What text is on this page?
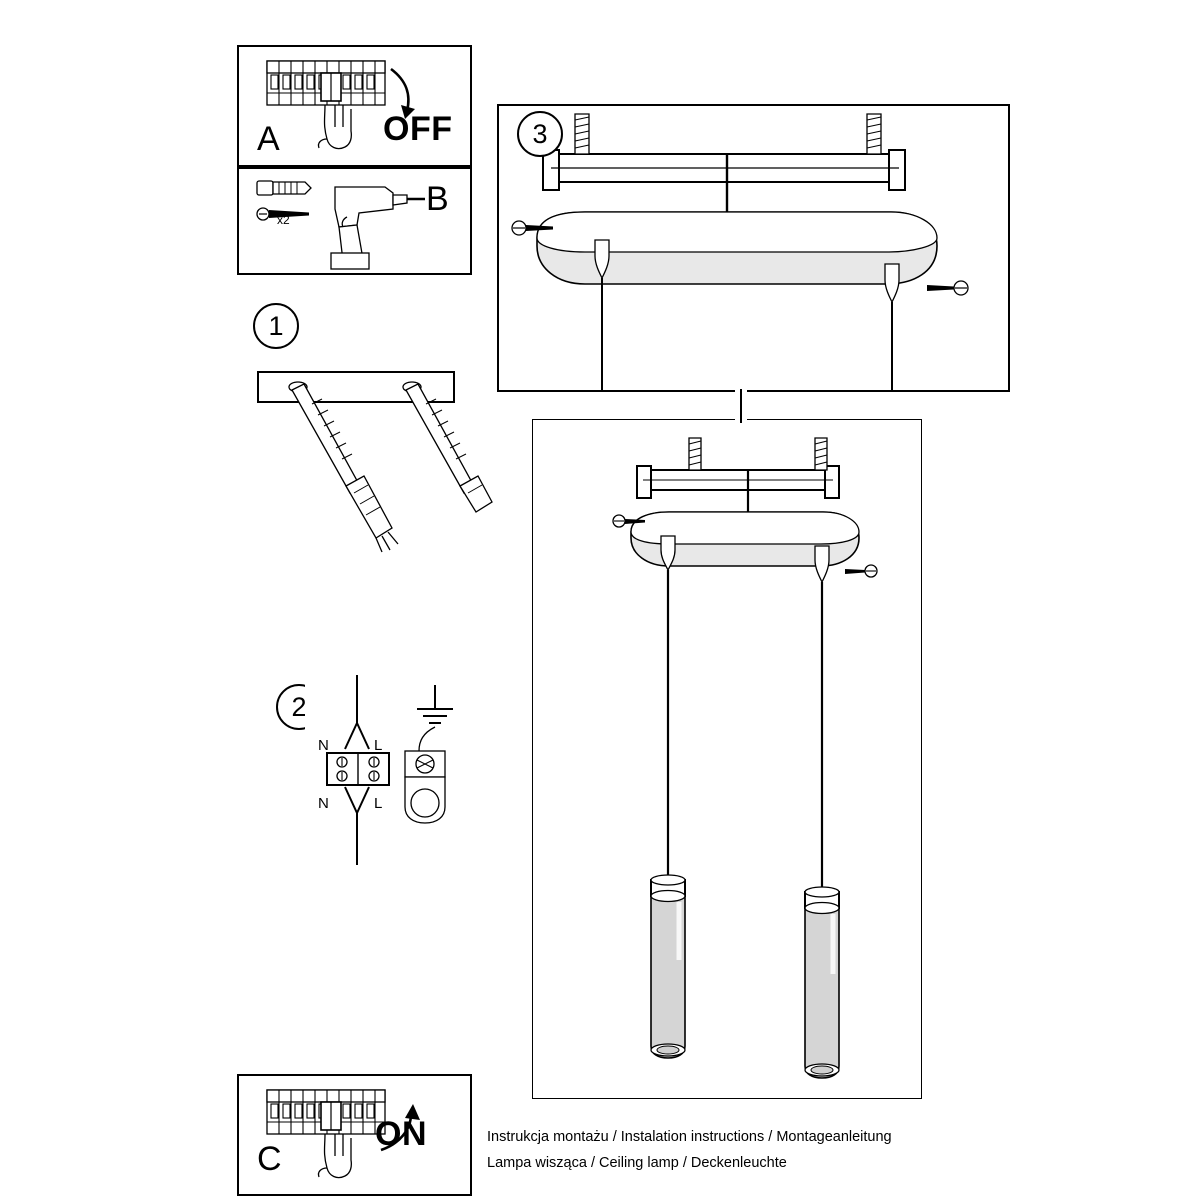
A	OFF
x2
B
1
2
N	L
N	L
C
ON
3
Instrukcja montażu / Instalation instructions / Montageanleitung
Lampa wisząca / Ceiling lamp / Deckenleuchte
